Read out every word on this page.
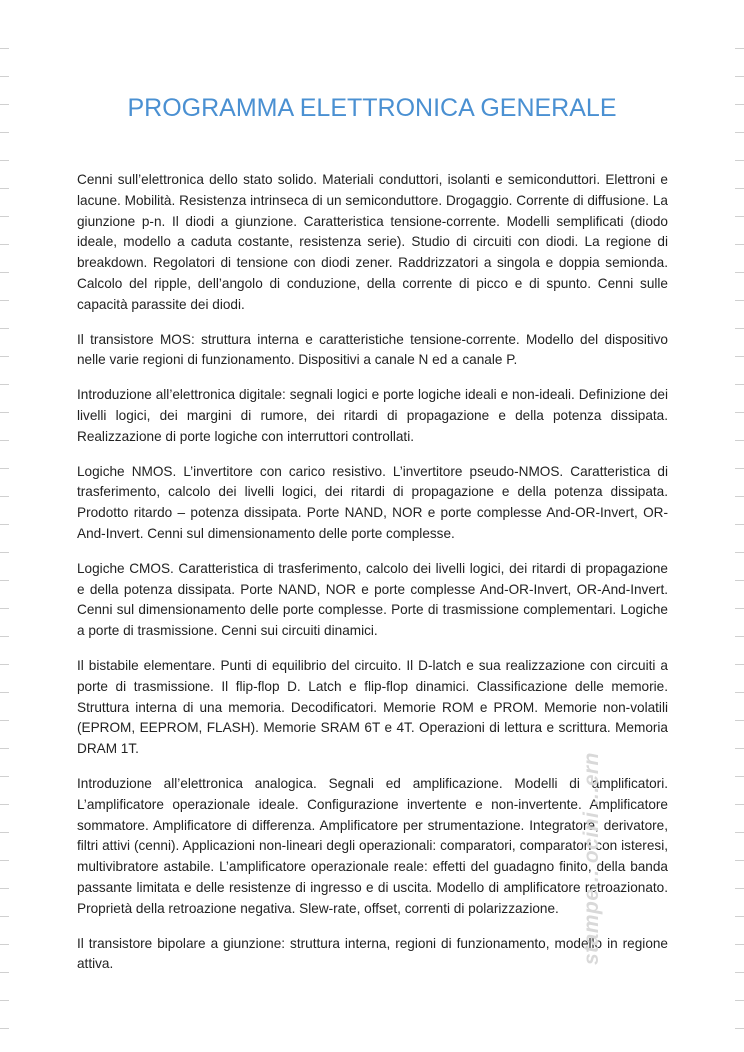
PROGRAMMA ELETTRONICA GENERALE

Cenni sull’elettronica dello stato solido. Materiali conduttori, isolanti e semiconduttori. Elettroni e lacune. Mobilità. Resistenza intrinseca di un semiconduttore. Drogaggio. Corrente di diffusione. La giunzione p-n. Il diodi a giunzione. Caratteristica tensione-corrente. Modelli semplificati (diodo ideale, modello a caduta costante, resistenza serie). Studio di circuiti con diodi. La regione di breakdown. Regolatori di tensione con diodi zener. Raddrizzatori a singola e doppia semionda. Calcolo del ripple, dell’angolo di conduzione, della corrente di picco e di spunto. Cenni sulle capacità parassite dei diodi.

Il transistore MOS: struttura interna e caratteristiche tensione-corrente. Modello del dispositivo nelle varie regioni di funzionamento. Dispositivi a canale N ed a canale P.

Introduzione all’elettronica digitale: segnali logici e porte logiche ideali e non-ideali. Definizione dei livelli logici, dei margini di rumore, dei ritardi di propagazione e della potenza dissipata. Realizzazione di porte logiche con interruttori controllati.

Logiche NMOS. L’invertitore con carico resistivo. L’invertitore pseudo-NMOS. Caratteristica di trasferimento, calcolo dei livelli logici, dei ritardi di propagazione e della potenza dissipata. Prodotto ritardo – potenza dissipata. Porte NAND, NOR e porte complesse And-OR-Invert, OR-And-Invert. Cenni sul dimensionamento delle porte complesse.

Logiche CMOS. Caratteristica di trasferimento, calcolo dei livelli logici, dei ritardi di propagazione e della potenza dissipata. Porte NAND, NOR e porte complesse And-OR-Invert, OR-And-Invert. Cenni sul dimensionamento delle porte complesse. Porte di trasmissione complementari. Logiche a porte di trasmissione. Cenni sui circuiti dinamici.

Il bistabile elementare. Punti di equilibrio del circuito. Il D-latch e sua realizzazione con circuiti a porte di trasmissione. Il flip-flop D. Latch e flip-flop dinamici. Classificazione delle memorie. Struttura interna di una memoria. Decodificatori. Memorie ROM e PROM. Memorie non-volatili (EPROM, EEPROM, FLASH). Memorie SRAM 6T e 4T. Operazioni di lettura e scrittura. Memoria DRAM 1T.

Introduzione all’elettronica analogica. Segnali ed amplificazione. Modelli di amplificatori. L’amplificatore operazionale ideale. Configurazione invertente e non-invertente. Amplificatore sommatore. Amplificatore di differenza. Amplificatore per strumentazione. Integratore, derivatore, filtri attivi (cenni). Applicazioni non-lineari degli operazionali: comparatori, comparatori con isteresi, multivibratore astabile. L’amplificatore operazionale reale: effetti del guadagno finito, della banda passante limitata e delle resistenze di ingresso e di uscita. Modello di amplificatore retroazionato. Proprietà della retroazione negativa. Slew-rate, offset, correnti di polarizzazione.

Il transistore bipolare a giunzione: struttura interna, regioni di funzionamento, modello in regione attiva.	stampe... ocini ...ern
